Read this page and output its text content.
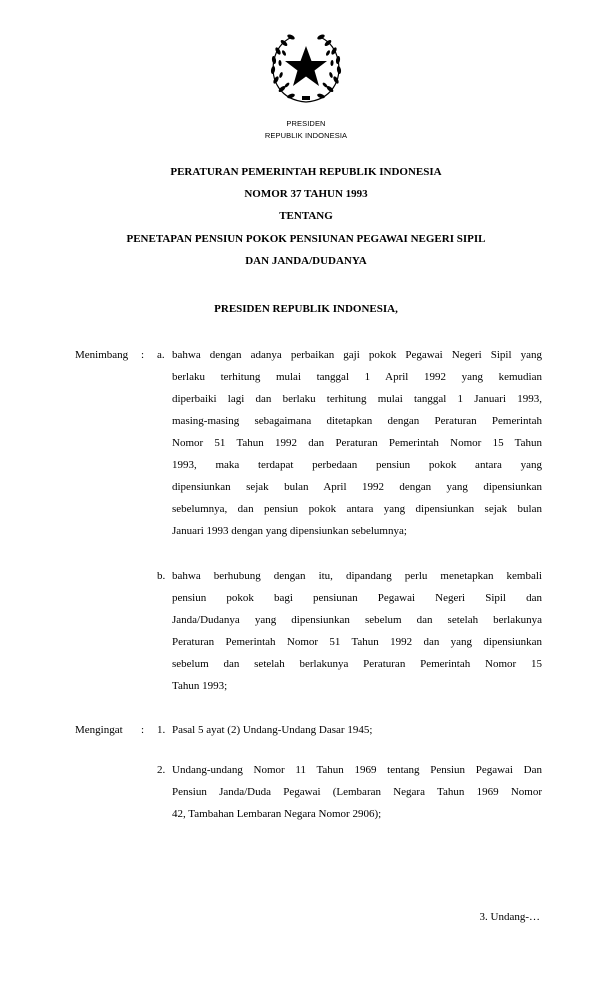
PRESIDEN
REPUBLIK INDONESIA
PERATURAN PEMERINTAH REPUBLIK INDONESIA
NOMOR 37 TAHUN 1993
TENTANG
PENETAPAN PENSIUN POKOK PENSIUNAN PEGAWAI NEGERI SIPIL
DAN JANDA/DUDANYA
PRESIDEN REPUBLIK INDONESIA,
Menimbang : a. bahwa dengan adanya perbaikan gaji pokok Pegawai Negeri Sipil yang
berlaku terhitung mulai tanggal 1 April 1992 yang kemudian
diperbaiki lagi dan berlaku terhitung mulai tanggal 1 Januari 1993,
masing-masing sebagaimana ditetapkan dengan Peraturan Pemerintah
Nomor 51 Tahun 1992 dan Peraturan Pemerintah Nomor 15 Tahun
1993, maka terdapat perbedaan pensiun pokok antara yang
dipensiunkan sejak bulan April 1992 dengan yang dipensiunkan
sebelumnya, dan pensiun pokok antara yang dipensiunkan sejak bulan
Januari 1993 dengan yang dipensiunkan sebelumnya;
b. bahwa berhubung dengan itu, dipandang perlu menetapkan kembali
pensiun pokok bagi pensiunan Pegawai Negeri Sipil dan
Janda/Dudanya yang dipensiunkan sebelum dan setelah berlakunya
Peraturan Pemerintah Nomor 51 Tahun 1992 dan yang dipensiunkan
sebelum dan setelah berlakunya Peraturan Pemerintah Nomor 15
Tahun 1993;
Mengingat : 1. Pasal 5 ayat (2) Undang-Undang Dasar 1945;
2. Undang-undang Nomor 11 Tahun 1969 tentang Pensiun Pegawai Dan
Pensiun Janda/Duda Pegawai (Lembaran Negara Tahun 1969 Nomor
42, Tambahan Lembaran Negara Nomor 2906);
3. Undang-…
